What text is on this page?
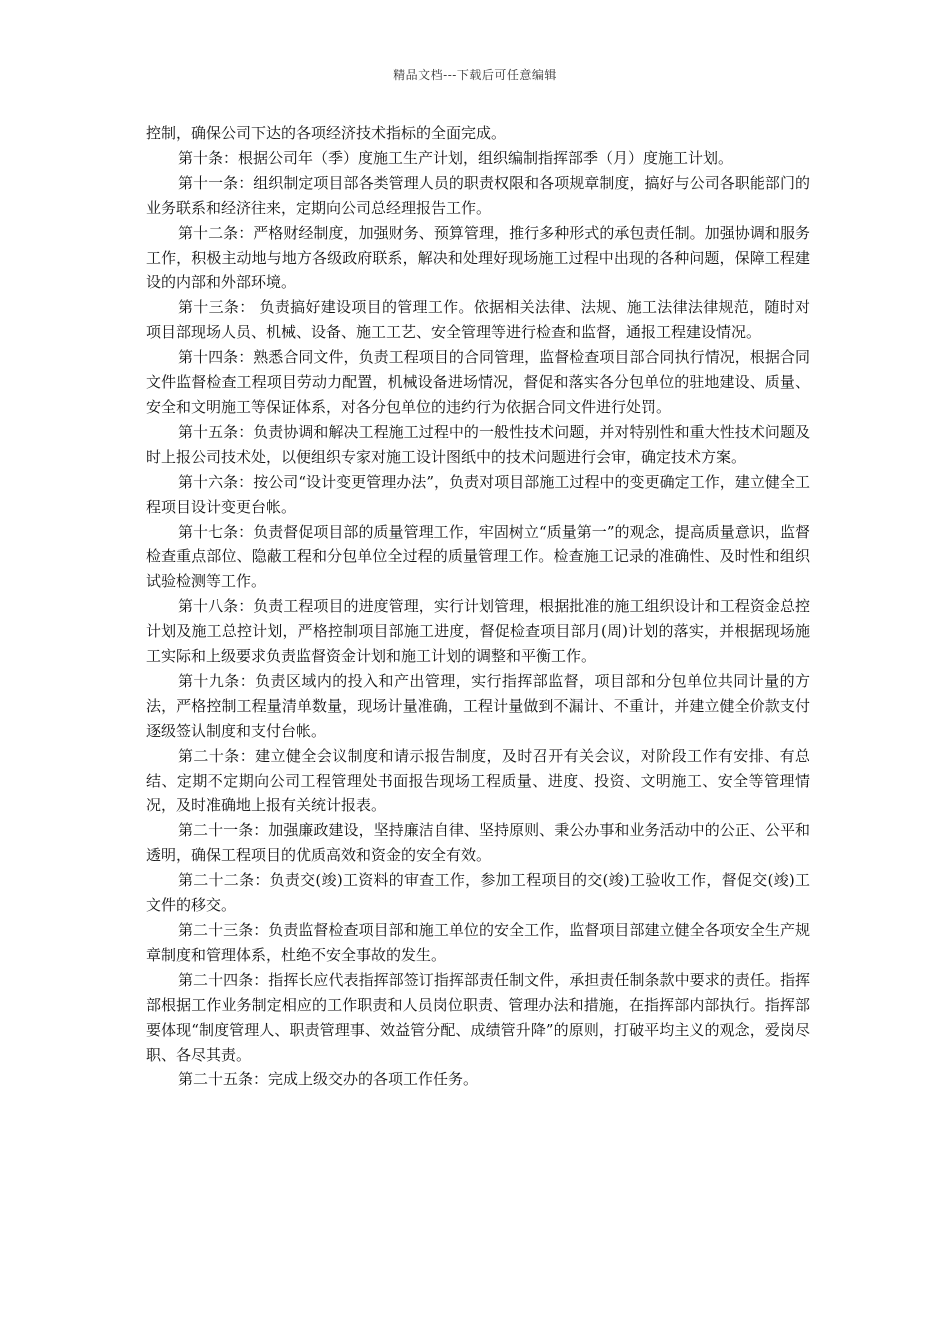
精品文档---下载后可任意编辑

控制，确保公司下达的各项经济技术指标的全面完成。

第十条：根据公司年（季）度施工生产计划，组织编制指挥部季（月）度施工计划。

第十一条：组织制定项目部各类管理人员的职责权限和各项规章制度，搞好与公司各职能部门的业务联系和经济往来，定期向公司总经理报告工作。

第十二条：严格财经制度，加强财务、预算管理，推行多种形式的承包责任制。加强协调和服务工作，积极主动地与地方各级政府联系，解决和处理好现场施工过程中出现的各种问题，保障工程建设的内部和外部环境。

第十三条： 负责搞好建设项目的管理工作。依据相关法律、法规、施工法律法律规范，随时对项目部现场人员、机械、设备、施工工艺、安全管理等进行检查和监督，通报工程建设情况。

第十四条：熟悉合同文件，负责工程项目的合同管理，监督检查项目部合同执行情况，根据合同文件监督检查工程项目劳动力配置，机械设备进场情况，督促和落实各分包单位的驻地建设、质量、安全和文明施工等保证体系，对各分包单位的违约行为依据合同文件进行处罚。

第十五条：负责协调和解决工程施工过程中的一般性技术问题，并对特别性和重大性技术问题及时上报公司技术处，以便组织专家对施工设计图纸中的技术问题进行会审，确定技术方案。

第十六条：按公司“设计变更管理办法”，负责对项目部施工过程中的变更确定工作，建立健全工程项目设计变更台帐。

第十七条：负责督促项目部的质量管理工作，牢固树立“质量第一”的观念，提高质量意识，监督检查重点部位、隐蔽工程和分包单位全过程的质量管理工作。检查施工记录的准确性、及时性和组织试验检测等工作。

第十八条：负责工程项目的进度管理，实行计划管理，根据批准的施工组织设计和工程资金总控计划及施工总控计划，严格控制项目部施工进度，督促检查项目部月(周)计划的落实，并根据现场施工实际和上级要求负责监督资金计划和施工计划的调整和平衡工作。

第十九条：负责区域内的投入和产出管理，实行指挥部监督，项目部和分包单位共同计量的方法，严格控制工程量清单数量，现场计量准确，工程计量做到不漏计、不重计，并建立健全价款支付逐级签认制度和支付台帐。

第二十条：建立健全会议制度和请示报告制度，及时召开有关会议，对阶段工作有安排、有总结、定期不定期向公司工程管理处书面报告现场工程质量、进度、投资、文明施工、安全等管理情况，及时准确地上报有关统计报表。

第二十一条：加强廉政建设，坚持廉洁自律、坚持原则、秉公办事和业务活动中的公正、公平和透明，确保工程项目的优质高效和资金的安全有效。

第二十二条：负责交(竣)工资料的审查工作，参加工程项目的交(竣)工验收工作，督促交(竣)工文件的移交。

第二十三条：负责监督检查项目部和施工单位的安全工作，监督项目部建立健全各项安全生产规章制度和管理体系，杜绝不安全事故的发生。

第二十四条：指挥长应代表指挥部签订指挥部责任制文件，承担责任制条款中要求的责任。指挥部根据工作业务制定相应的工作职责和人员岗位职责、管理办法和措施，在指挥部内部执行。指挥部要体现“制度管理人、职责管理事、效益管分配、成绩管升降”的原则，打破平均主义的观念，爱岗尽职、各尽其责。

第二十五条：完成上级交办的各项工作任务。
